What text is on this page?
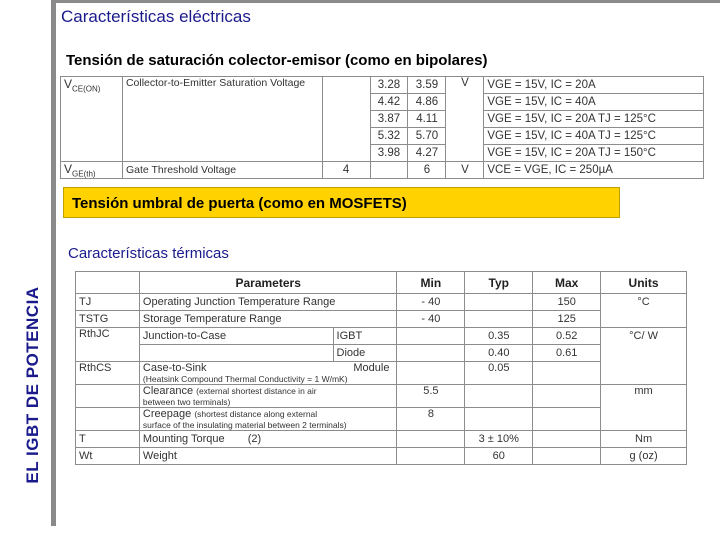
EL IGBT DE POTENCIA
Características eléctricas
Tensión de saturación colector-emisor (como en bipolares)
$V_{CE(ON)}$	Collector-to-Emitter Saturation Voltage		3.28	3.59	V	VGE = 15V, IC = 20A
			4.42	4.86		VGE = 15V, IC = 40A
			3.87	4.11		VGE = 15V, IC = 20A TJ = 125°C
			5.32	5.70		VGE = 15V, IC = 40A TJ = 125°C
			3.98	4.27		VGE = 15V, IC = 20A TJ = 150°C
$V_{GE(th)}$	Gate Threshold Voltage	4		6	V	VCE = VGE, IC = 250µA
Tensión umbral de puerta (como en MOSFETS)
Características térmicas
	Parameters		Min	Typ	Max	Units
TJ	Operating Junction Temperature Range		- 40		150	°C
TSTG	Storage Temperature Range		- 40		125	
RthJC	Junction-to-Case	IGBT		0.35	0.52	°C/ W
		Diode		0.40	0.61	
RthCS	Case-to-Sink Module
(Heatsink Compound Thermal Conductivity = 1 W/mK)			0.05		
	Clearance (external shortest distance in air
between two terminals)		5.5			mm
	Creepage (shortest distance along external
surface of the insulating material between 2 terminals)		8			
T	Mounting Torque (2)			3 ± 10%		Nm
Wt	Weight			60		g (oz)
